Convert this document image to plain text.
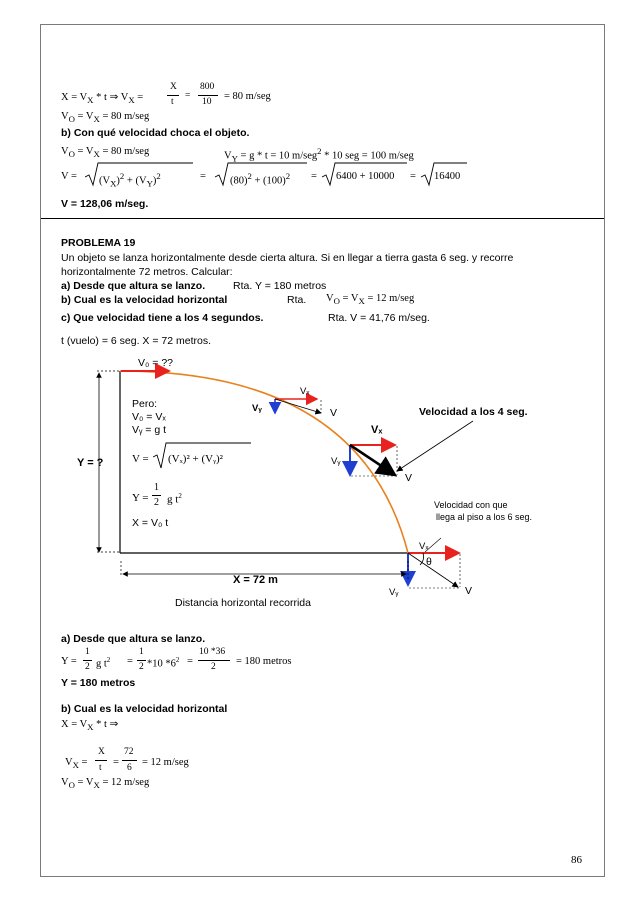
$X = V_X * t$ ⇒ $V_X$ =
X
t
=
800
10 = 80 m/seg
$V_O = V_X = 80$ m/seg
b) Con qué velocidad choca el objeto.
$V_O = V_X = 80$ m/seg	$V_Y = g * t = 10$ m/seg$^2$ * 10 seg = 100 m/seg
$V = (V_X)^2 + (V_Y)^2$	= $(80)^2 + (100)^2 = 6400 + 10000 = 16400$
V = 128,06 m/seg.
PROBLEMA 19
Un objeto se lanza horizontalmente desde cierta altura. Si en llegar a tierra gasta 6 seg. y recorre
horizontalmente 72 metros. Calcular:
a) Desde que altura se lanzo.	Rta. Y = 180 metros
b) Cual es la velocidad horizontal	Rta. $V_O = V_X = 12$ m/seg
c) Que velocidad tiene a los 4 segundos.	Rta. V = 41,76 m/seg.
t (vuelo) = 6 seg. X = 72 metros.
V₀ = ??
Pero:
V₀ = Vₓ
Vᵧ = g t
V = (Vₓ)² + (Vᵧ)²
Y =
1
2 g $t^2$
X = V₀ t
Y = ?
X = 72 m
Distancia horizontal recorrida
Vₓ
Vᵧ	V	Velocidad a los 4 seg.
Vₓ
Vᵧ
V
Velocidad con que
llega al piso a los 6 seg.
Vₓ
θ
Vᵧ	V
a) Desde que altura se lanzo.
Y =
1
2 g $t^2$ =
1
2 *10 $*6^2$ =
10 *36
2 = 180 metros
Y = 180 metros
b) Cual es la velocidad horizontal
$X = V_X * t$ ⇒
$V_X$ =
X
t =
72
6 = 12 m/seg
$V_O = V_X = 12$ m/seg
86
